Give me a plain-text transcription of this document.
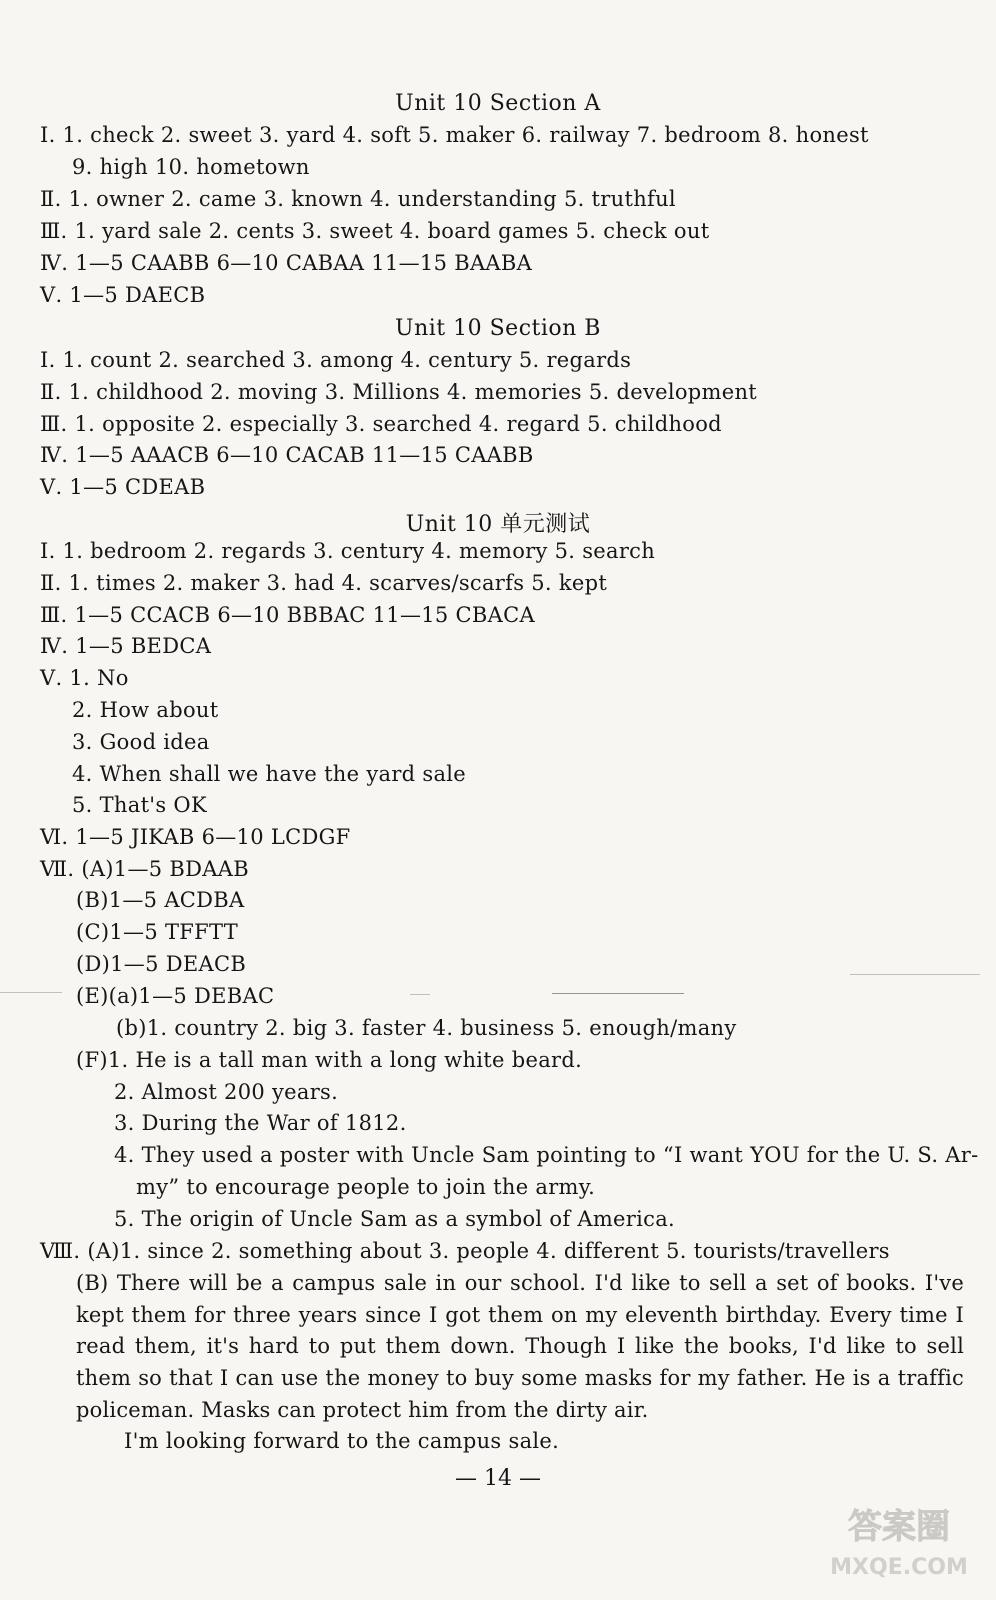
Unit 10 Section A
Ⅰ. 1. check 2. sweet 3. yard 4. soft 5. maker 6. railway 7. bedroom 8. honest
9. high 10. hometown
Ⅱ. 1. owner 2. came 3. known 4. understanding 5. truthful
Ⅲ. 1. yard sale 2. cents 3. sweet 4. board games 5. check out
Ⅳ. 1—5 CAABB 6—10 CABAA 11—15 BAABA
Ⅴ. 1—5 DAECB
Unit 10 Section B
Ⅰ. 1. count 2. searched 3. among 4. century 5. regards
Ⅱ. 1. childhood 2. moving 3. Millions 4. memories 5. development
Ⅲ. 1. opposite 2. especially 3. searched 4. regard 5. childhood
Ⅳ. 1—5 AAACB 6—10 CACAB 11—15 CAABB
Ⅴ. 1—5 CDEAB
Unit 10 单元测试
Ⅰ. 1. bedroom 2. regards 3. century 4. memory 5. search
Ⅱ. 1. times 2. maker 3. had 4. scarves/scarfs 5. kept
Ⅲ. 1—5 CCACB 6—10 BBBAC 11—15 CBACA
Ⅳ. 1—5 BEDCA
Ⅴ. 1. No
2. How about
3. Good idea
4. When shall we have the yard sale
5. That's OK
Ⅵ. 1—5 JIKAB 6—10 LCDGF
Ⅶ. (A)1—5 BDAAB
(B)1—5 ACDBA
(C)1—5 TFFTT
(D)1—5 DEACB
(E)(a)1—5 DEBAC
(b)1. country 2. big 3. faster 4. business 5. enough/many
(F)1. He is a tall man with a long white beard.
2. Almost 200 years.
3. During the War of 1812.
4. They used a poster with Uncle Sam pointing to “I want YOU for the U. S. Ar-
my” to encourage people to join the army.
5. The origin of Uncle Sam as a symbol of America.
Ⅷ. (A)1. since 2. something about 3. people 4. different 5. tourists/travellers
(B) There will be a campus sale in our school. I'd like to sell a set of books. I've kept them for three years since I got them on my eleventh birthday. Every time I read them, it's hard to put them down. Though I like the books, I'd like to sell them so that I can use the money to buy some masks for my father. He is a traffic policeman. Masks can protect him from the dirty air.
I'm looking forward to the campus sale.
— 14 —
答案圈
MXQE.COM
